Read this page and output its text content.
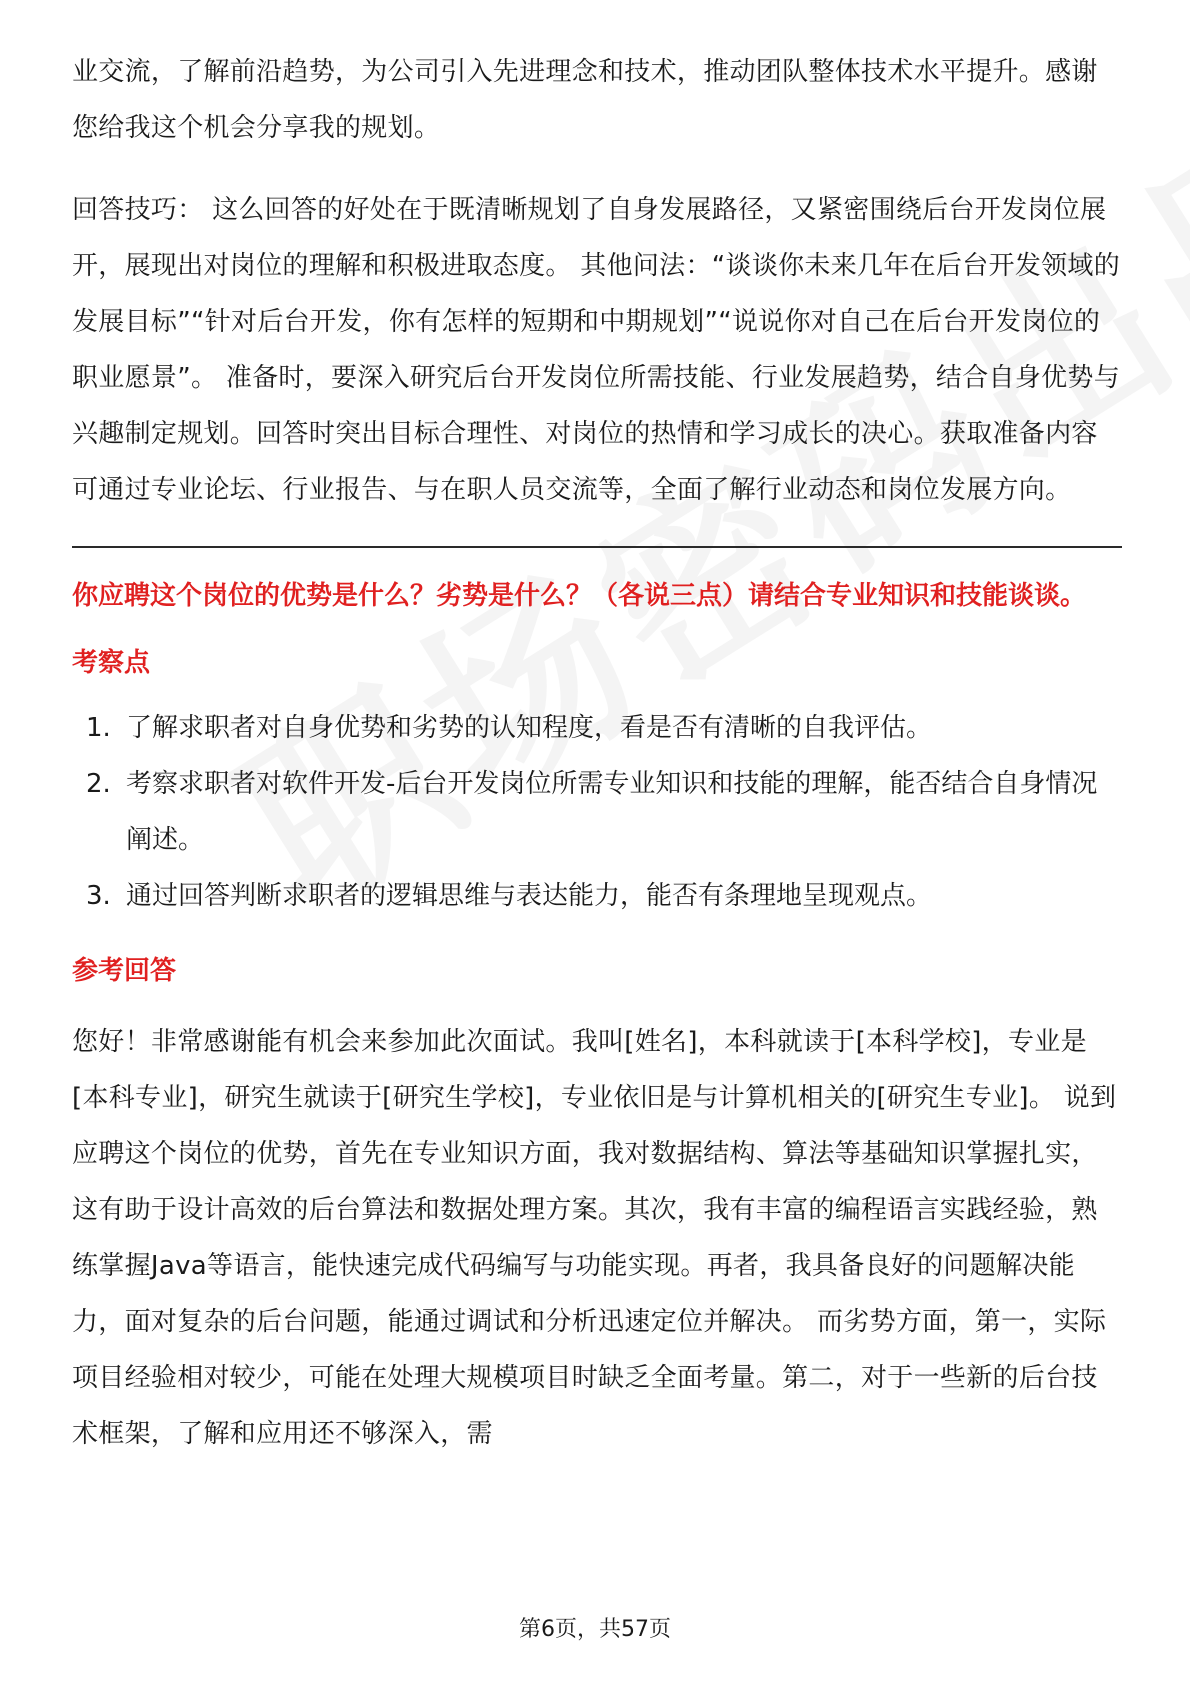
业交流，了解前沿趋势，为公司引入先进理念和技术，推动团队整体技术水平提升。感谢您给我这个机会分享我的规划。

回答技巧： 这么回答的好处在于既清晰规划了自身发展路径，又紧密围绕后台开发岗位展开，展现出对岗位的理解和积极进取态度。 其他问法：“谈谈你未来几年在后台开发领域的发展目标”“针对后台开发，你有怎样的短期和中期规划”“说说你对自己在后台开发岗位的职业愿景”。 准备时，要深入研究后台开发岗位所需技能、行业发展趋势，结合自身优势与兴趣制定规划。回答时突出目标合理性、对岗位的热情和学习成长的决心。获取准备内容可通过专业论坛、行业报告、与在职人员交流等，全面了解行业动态和岗位发展方向。

你应聘这个岗位的优势是什么？劣势是什么？（各说三点）请结合专业知识和技能谈谈。
考察点
1. 了解求职者对自身优势和劣势的认知程度，看是否有清晰的自我评估。
2. 考察求职者对软件开发-后台开发岗位所需专业知识和技能的理解，能否结合自身情况阐述。
3. 通过回答判断求职者的逻辑思维与表达能力，能否有条理地呈现观点。
参考回答

您好！非常感谢能有机会来参加此次面试。我叫[姓名]，本科就读于[本科学校]，专业是[本科专业]，研究生就读于[研究生学校]，专业依旧是与计算机相关的[研究生专业]。 说到应聘这个岗位的优势，首先在专业知识方面，我对数据结构、算法等基础知识掌握扎实，这有助于设计高效的后台算法和数据处理方案。其次，我有丰富的编程语言实践经验，熟练掌握Java等语言，能快速完成代码编写与功能实现。再者，我具备良好的问题解决能力，面对复杂的后台问题，能通过调试和分析迅速定位并解决。 而劣势方面，第一，实际项目经验相对较少，可能在处理大规模项目时缺乏全面考量。第二，对于一些新的后台技术框架，了解和应用还不够深入，需

第6页，共57页
